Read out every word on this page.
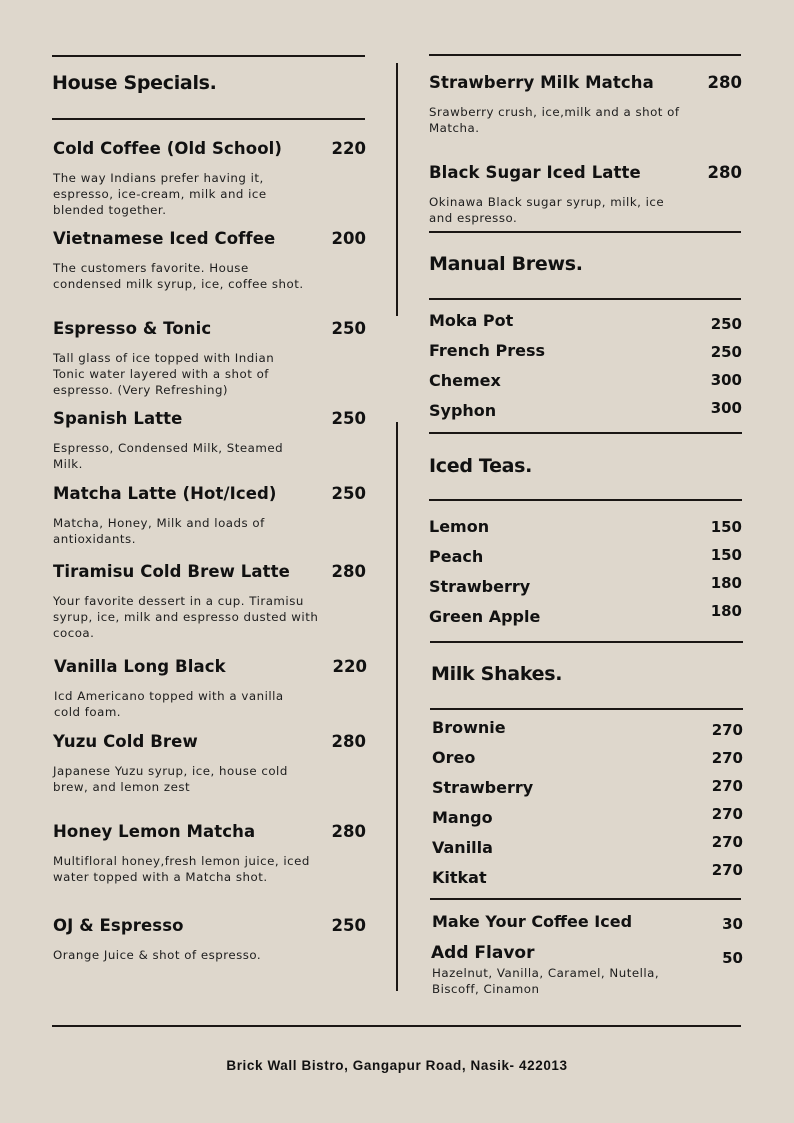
House Specials.
Cold Coffee (Old School)	220
The way Indians prefer having it, espresso, ice-cream, milk and ice blended together.
Vietnamese Iced Coffee	200
The customers favorite. House condensed milk syrup, ice, coffee shot.
Espresso & Tonic	250
Tall glass of ice topped with Indian Tonic water layered with a shot of espresso. (Very Refreshing)
Spanish Latte	250
Espresso, Condensed Milk, Steamed Milk.
Matcha Latte (Hot/Iced)	250
Matcha, Honey, Milk and loads of antioxidants.
Tiramisu Cold Brew Latte	280
Your favorite dessert in a cup. Tiramisu syrup, ice, milk and espresso dusted with cocoa.
Vanilla Long Black	220
Icd Americano topped with a vanilla cold foam.
Yuzu Cold Brew	280
Japanese Yuzu syrup, ice, house cold brew, and lemon zest
Honey Lemon Matcha	280
Multifloral honey,fresh lemon juice, iced water topped with a Matcha shot.
OJ & Espresso	250
Orange Juice & shot of espresso.
Strawberry Milk Matcha	280
Srawberry crush, ice,milk and a shot of Matcha.
Black Sugar Iced Latte	280
Okinawa Black sugar syrup, milk, ice and espresso.
Manual Brews.
Moka Pot	250
French Press	250
Chemex	300
Syphon	300
Iced Teas.
Lemon	150
Peach	150
Strawberry	180
Green Apple	180
Milk Shakes.
Brownie	270
Oreo	270
Strawberry	270
Mango	270
Vanilla	270
Kitkat	270
Make Your Coffee Iced	30
Add Flavor	50
Hazelnut, Vanilla, Caramel, Nutella, Biscoff, Cinamon
Brick Wall Bistro, Gangapur Road, Nasik- 422013
